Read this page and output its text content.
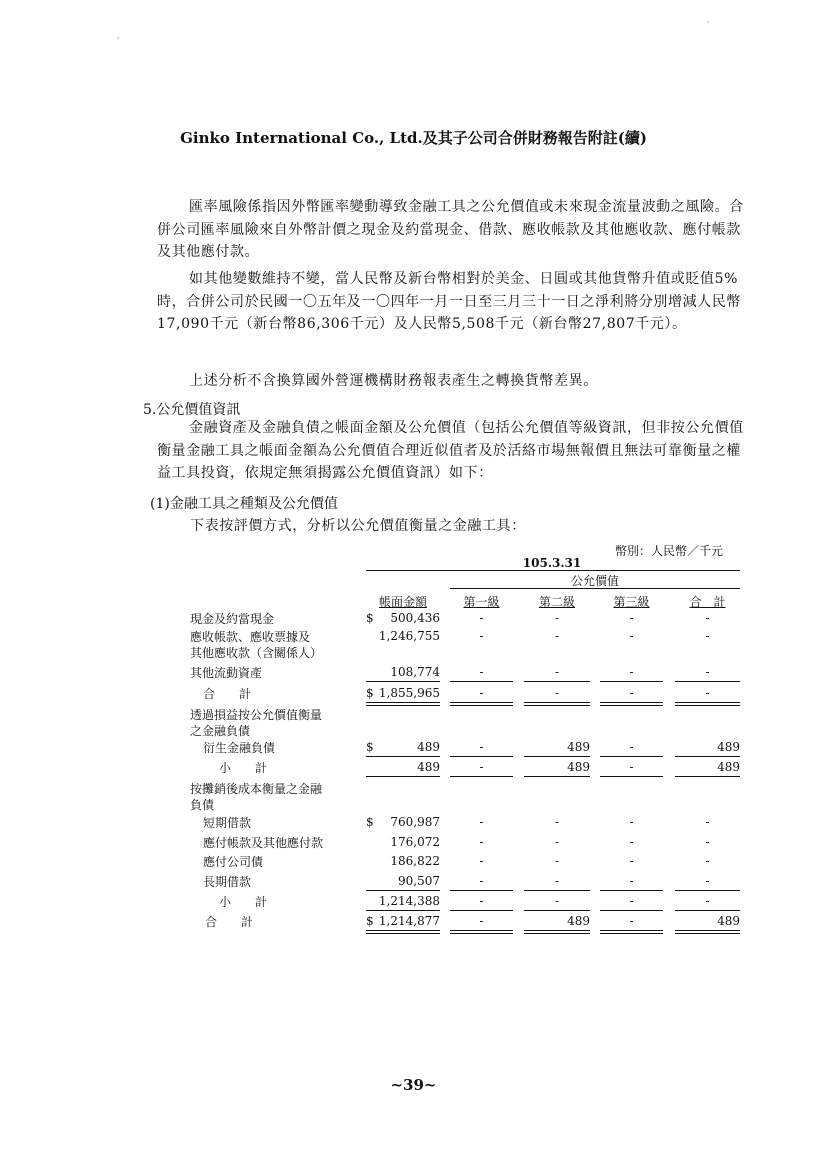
·
·
Ginko International Co., Ltd.及其子公司合併財務報告附註(續)
匯率風險係指因外幣匯率變動導致金融工具之公允價值或未來現金流量波動之風險。合併公司匯率風險來自外幣計價之現金及約當現金、借款、應收帳款及其他應收款、應付帳款及其他應付款。
如其他變數維持不變，當人民幣及新台幣相對於美金、日圓或其他貨幣升值或貶值5%時，合併公司於民國一〇五年及一〇四年一月一日至三月三十一日之淨利將分別增減人民幣17,090千元（新台幣86,306千元）及人民幣5,508千元（新台幣27,807千元）。
上述分析不含換算國外營運機構財務報表產生之轉換貨幣差異。
5.公允價值資訊
金融資產及金融負債之帳面金額及公允價值（包括公允價值等級資訊，但非按公允價值衡量金融工具之帳面金額為公允價值合理近似值者及於活絡市場無報價且無法可靠衡量之權益工具投資，依規定無須揭露公允價值資訊）如下：
(1)金融工具之種類及公允價值
下表按評價方式，分析以公允價值衡量之金融工具：
幣別：人民幣／千元
105.3.31
公允價值
帳面金額	第一級	第二級	第三級	合　計
現金及約當現金	$	500,436	-	-	-	-
應收帳款、應收票據及
其他應收款（含關係人）
1,246,755	-	-	-	-
其他流動資產	108,774	-	-	-	-
合　　計	$ 1,855,965	-	-	-	-
透過損益按公允價值衡量
之金融負債
衍生金融負債	$	489	-	489	-	489
小　　計	489	-	489	-	489
按攤銷後成本衡量之金融
負債
短期借款	$	760,987	-	-	-	-
應付帳款及其他應付款	176,072	-	-	-	-
應付公司債	186,822	-	-	-	-
長期借款	90,507	-	-	-	-
小　　計	1,214,388	-	-	-	-
合　　計	$ 1,214,877	-	489	-	489
~39~
